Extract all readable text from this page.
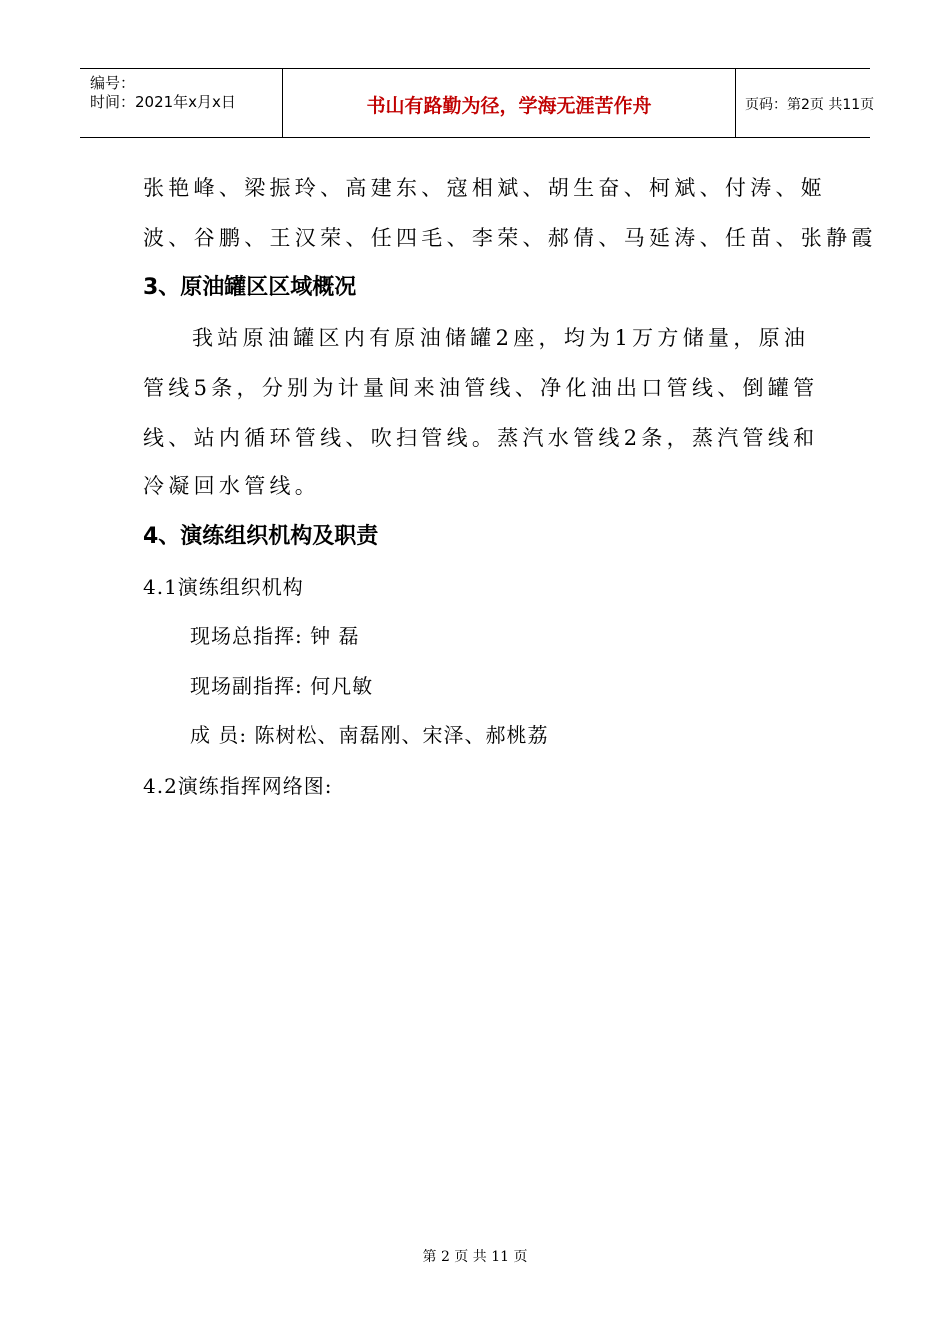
编号：
时间：2021年x月x日	书山有路勤为径，学海无涯苦作舟	页码：第2页 共11页
张艳峰、梁振玲、高建东、寇相斌、胡生奋、柯斌、付涛、姬
波、谷鹏、王汉荣、任四毛、李荣、郝倩、马延涛、任苗、张静霞
3、原油罐区区域概况
我站原油罐区内有原油储罐2座，均为1万方储量，原油
管线5条，分别为计量间来油管线、净化油出口管线、倒罐管
线、站内循环管线、吹扫管线。蒸汽水管线2条，蒸汽管线和
冷凝回水管线。
4、演练组织机构及职责
4.1演练组织机构
现场总指挥: 钟 磊
现场副指挥: 何凡敏
成 员: 陈树松、南磊刚、宋泽、郝桃荔
4.2演练指挥网络图:
第 2 页 共 11 页
